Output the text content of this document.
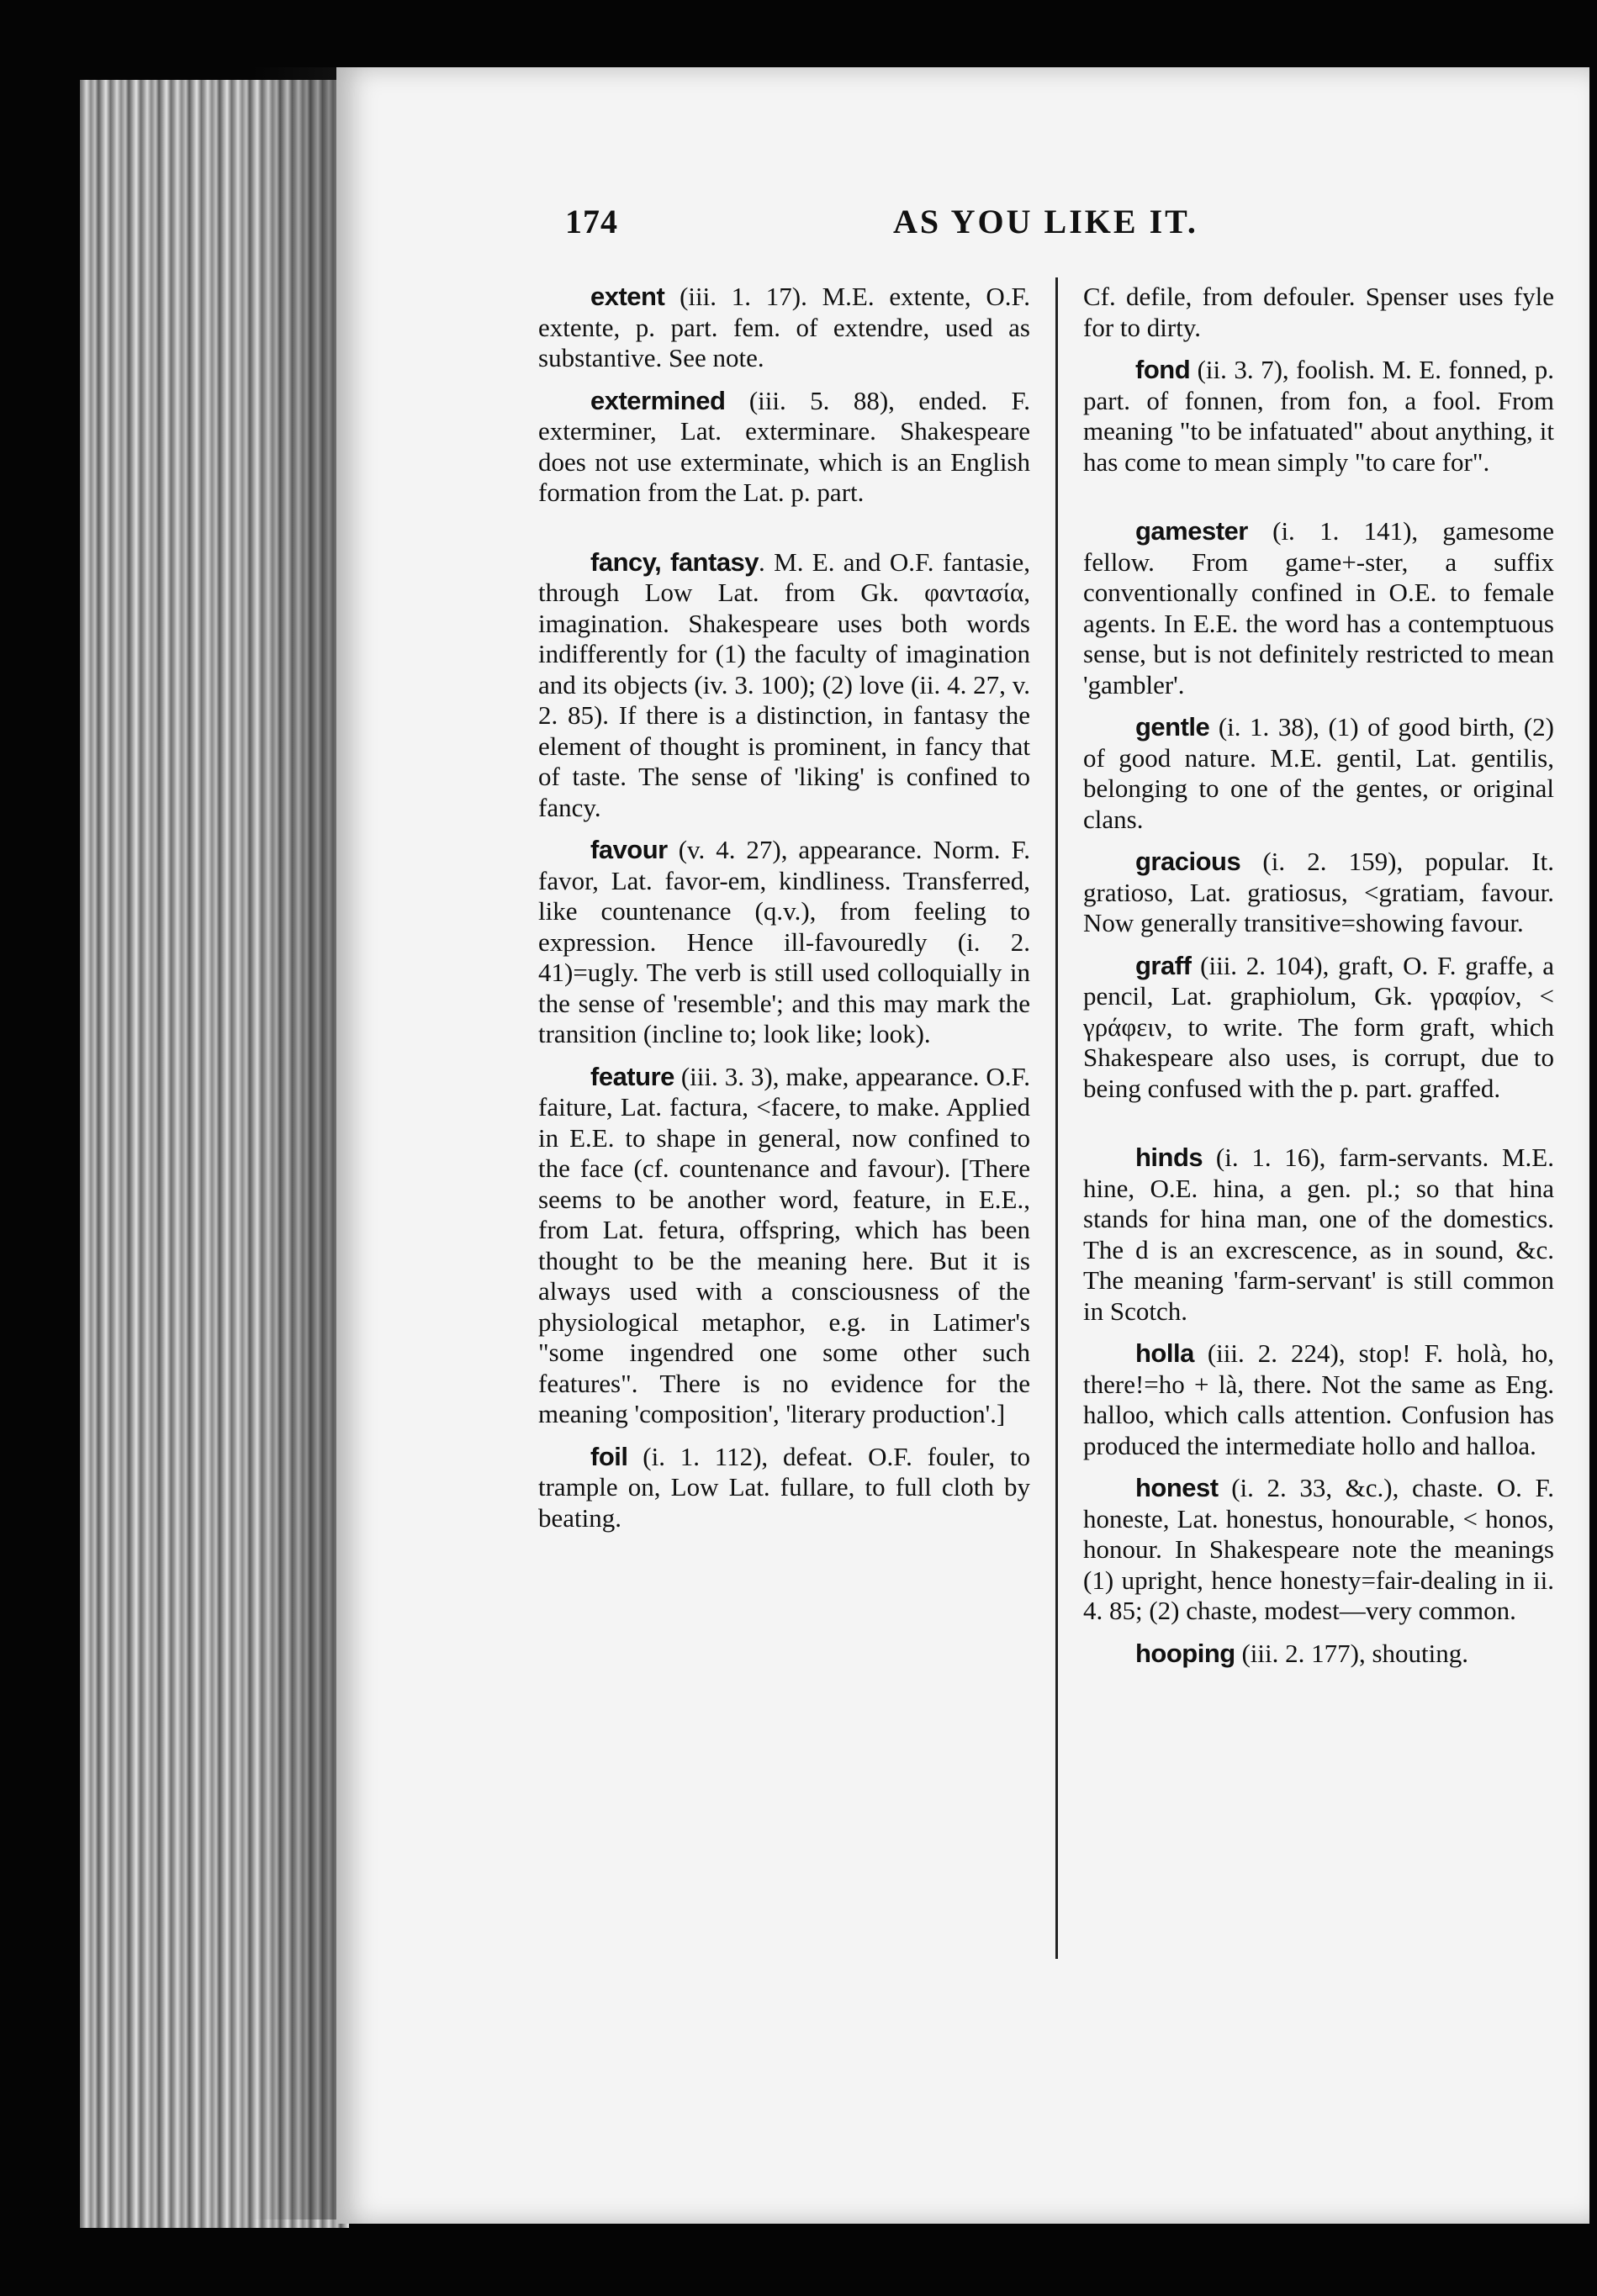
174	AS YOU LIKE IT.

extent (iii. 1. 17). M.E. extente, O.F. extente, p. part. fem. of extendre, used as substantive. See note.

extermined (iii. 5. 88), ended. F. exterminer, Lat. exterminare. Shakespeare does not use exterminate, which is an English formation from the Lat. p. part.

fancy, fantasy. M. E. and O.F. fantasie, through Low Lat. from Gk. φαντασία, imagination. Shakespeare uses both words indifferently for (1) the faculty of imagination and its objects (iv. 3. 100); (2) love (ii. 4. 27, v. 2. 85). If there is a distinction, in fantasy the element of thought is prominent, in fancy that of taste. The sense of 'liking' is confined to fancy.

favour (v. 4. 27), appearance. Norm. F. favor, Lat. favor-em, kindliness. Transferred, like countenance (q.v.), from feeling to expression. Hence ill-favouredly (i. 2. 41)=ugly. The verb is still used colloquially in the sense of 'resemble'; and this may mark the transition (incline to; look like; look).

feature (iii. 3. 3), make, appearance. O.F. faiture, Lat. factura, <facere, to make. Applied in E.E. to shape in general, now confined to the face (cf. countenance and favour). [There seems to be another word, feature, in E.E., from Lat. fetura, offspring, which has been thought to be the meaning here. But it is always used with a consciousness of the physiological metaphor, e.g. in Latimer's "some ingendred one some other such features". There is no evidence for the meaning 'composition', 'literary production'.]

foil (i. 1. 112), defeat. O.F. fouler, to trample on, Low Lat. fullare, to full cloth by beating.

Cf. defile, from defouler. Spenser uses fyle for to dirty.

fond (ii. 3. 7), foolish. M. E. fonned, p. part. of fonnen, from fon, a fool. From meaning "to be infatuated" about anything, it has come to mean simply "to care for".

gamester (i. 1. 141), gamesome fellow. From game+-ster, a suffix conventionally confined in O.E. to female agents. In E.E. the word has a contemptuous sense, but is not definitely restricted to mean 'gambler'.

gentle (i. 1. 38), (1) of good birth, (2) of good nature. M.E. gentil, Lat. gentilis, belonging to one of the gentes, or original clans.

gracious (i. 2. 159), popular. It. gratioso, Lat. gratiosus, <gratiam, favour. Now generally transitive=showing favour.

graff (iii. 2. 104), graft, O. F. graffe, a pencil, Lat. graphiolum, Gk. γραφίον, < γράφειν, to write. The form graft, which Shakespeare also uses, is corrupt, due to being confused with the p. part. graffed.

hinds (i. 1. 16), farm-servants. M.E. hine, O.E. hina, a gen. pl.; so that hina stands for hina man, one of the domestics. The d is an excrescence, as in sound, &c. The meaning 'farm-servant' is still common in Scotch.

holla (iii. 2. 224), stop! F. holà, ho, there!=ho + là, there. Not the same as Eng. halloo, which calls attention. Confusion has produced the intermediate hollo and halloa.

honest (i. 2. 33, &c.), chaste. O. F. honeste, Lat. honestus, honourable, < honos, honour. In Shakespeare note the meanings (1) upright, hence honesty=fair-dealing in ii. 4. 85; (2) chaste, modest—very common.

hooping (iii. 2. 177), shouting.
